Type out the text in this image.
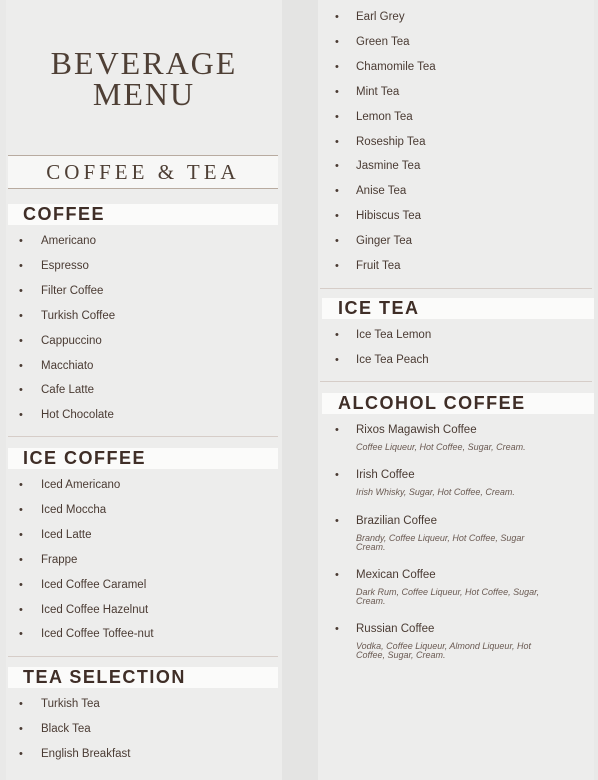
BEVERAGE
MENU
COFFEE & TEA
COFFEE
• Americano
• Espresso
• Filter Coffee
• Turkish Coffee
• Cappuccino
• Macchiato
• Cafe Latte
• Hot Chocolate
ICE COFFEE
• Iced Americano
• Iced Moccha
• Iced Latte
• Frappe
• Iced Coffee Caramel
• Iced Coffee Hazelnut
• Iced Coffee Toffee-nut
TEA SELECTION
• Turkish Tea
• Black Tea
• English Breakfast
• Earl Grey
• Green Tea
• Chamomile Tea
• Mint Tea
• Lemon Tea
• Roseship Tea
• Jasmine Tea
• Anise Tea
• Hibiscus Tea
• Ginger Tea
• Fruit Tea
ICE TEA
• Ice Tea Lemon
• Ice Tea Peach
ALCOHOL COFFEE
• Rixos Magawish Coffee
Coffee Liqueur, Hot Coffee, Sugar, Cream.
• Irish Coffee
Irish Whisky, Sugar, Hot Coffee, Cream.
• Brazilian Coffee
Brandy, Coffee Liqueur, Hot Coffee, Sugar Cream.
• Mexican Coffee
Dark Rum, Coffee Liqueur, Hot Coffee, Sugar, Cream.
• Russian Coffee
Vodka, Coffee Liqueur, Almond Liqueur, Hot Coffee, Sugar, Cream.
